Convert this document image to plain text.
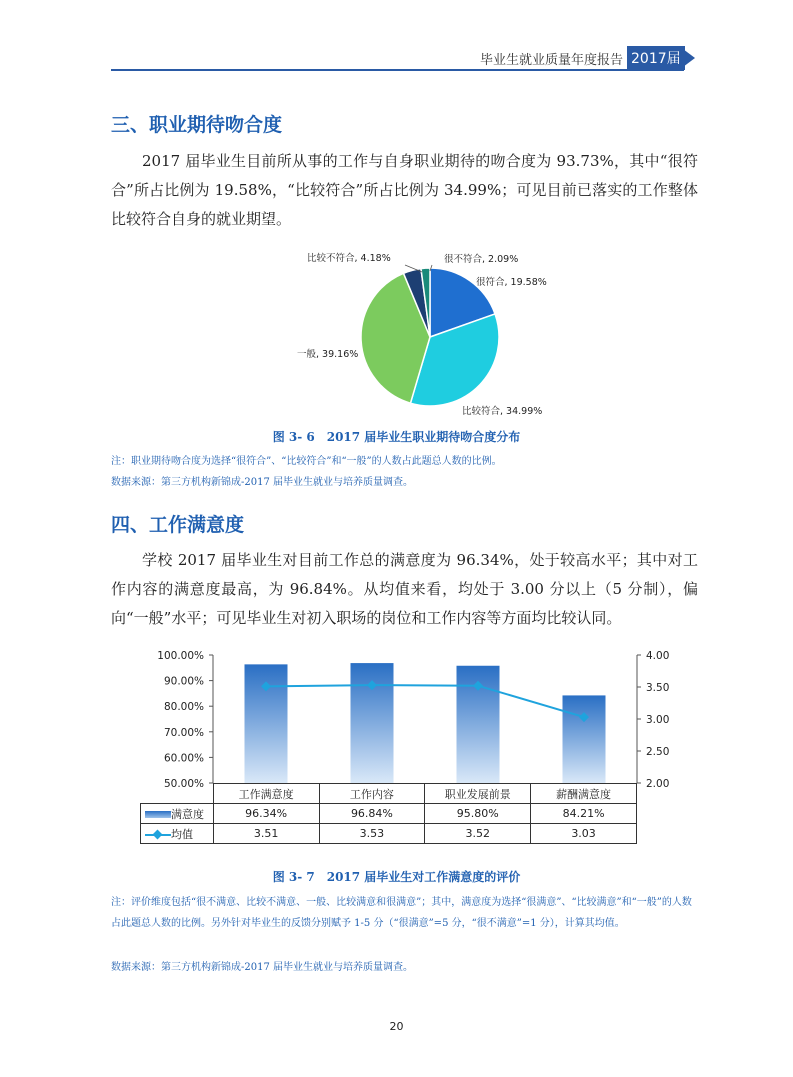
毕业生就业质量年度报告 2017届
三、职业期待吻合度
2017 届毕业生目前所从事的工作与自身职业期待的吻合度为 93.73%，其中“很符合”所占比例为 19.58%，“比较符合”所占比例为 34.99%；可见目前已落实的工作整体比较符合自身的就业期望。
比较不符合, 4.18%	很不符合, 2.09%
很符合, 19.58%
一般, 39.16%
比较符合, 34.99%
图 3- 6　2017 届毕业生职业期待吻合度分布
注：职业期待吻合度为选择“很符合”、“比较符合”和“一般”的人数占此题总人数的比例。
数据来源：第三方机构新锦成-2017 届毕业生就业与培养质量调查。
四、工作满意度
学校 2017 届毕业生对目前工作总的满意度为 96.34%，处于较高水平；其中对工作内容的满意度最高，为 96.84%。从均值来看，均处于 3.00 分以上（5 分制），偏向“一般”水平；可见毕业生对初入职场的岗位和工作内容等方面均比较认同。
50.00%
60.00%
70.00%
80.00%
90.00%
100.00%
2.00
2.50
3.00
3.50
4.00
	工作满意度	工作内容	职业发展前景	薪酬满意度
满意度	96.34%	96.84%	95.80%	84.21%

均值	3.51	3.53	3.52	3.03
图 3- 7　2017 届毕业生对工作满意度的评价
注：评价维度包括“很不满意、比较不满意、一般、比较满意和很满意”；其中，满意度为选择“很满意”、“比较满意”和“一般”的人数占此题总人数的比例。另外针对毕业生的反馈分别赋予 1-5 分（“很满意”=5 分，“很不满意”=1 分），计算其均值。
数据来源：第三方机构新锦成-2017 届毕业生就业与培养质量调查。
20
